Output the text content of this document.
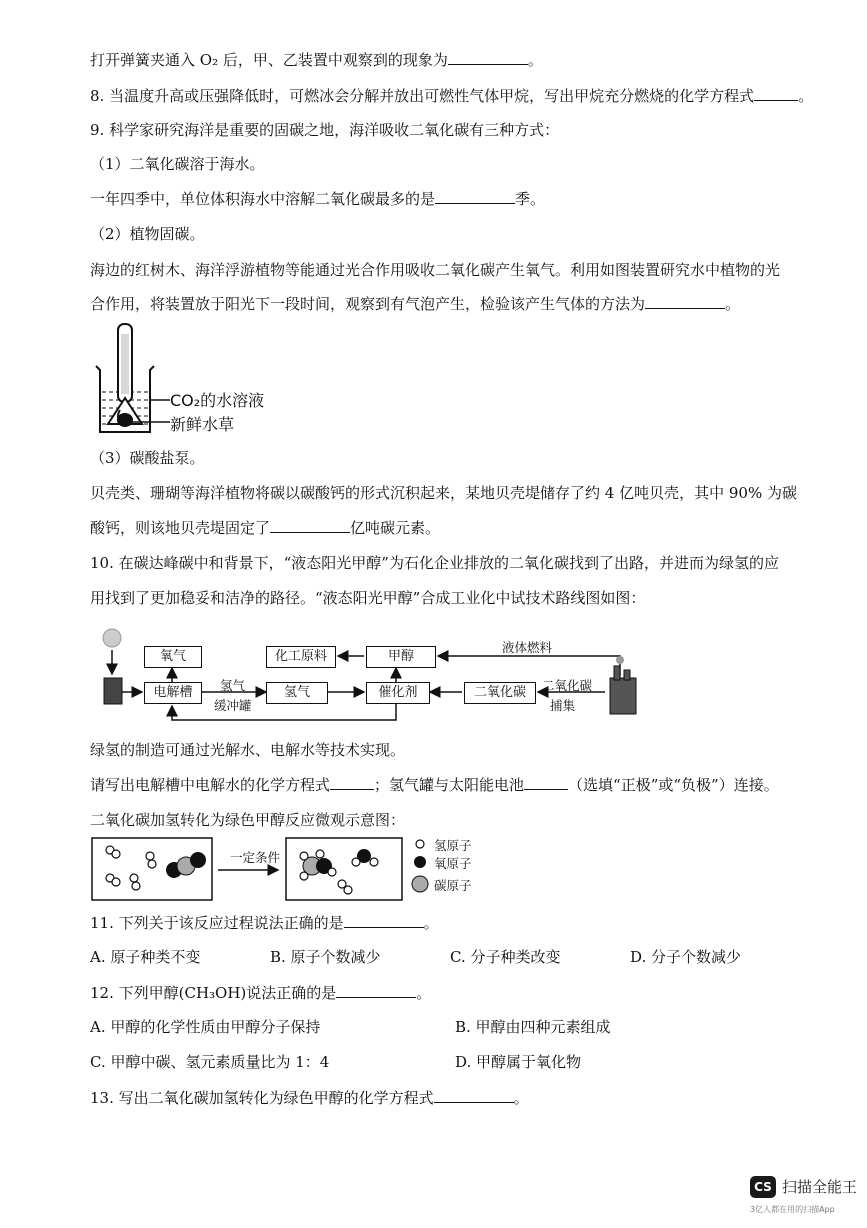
打开弹簧夹通入 O₂ 后，甲、乙装置中观察到的现象为	。
8. 当温度升高或压强降低时，可燃冰会分解并放出可燃性气体甲烷，写出甲烷充分燃烧的化学方程式	。
9. 科学家研究海洋是重要的固碳之地，海洋吸收二氧化碳有三种方式：
（1）二氧化碳溶于海水。
一年四季中，单位体积海水中溶解二氧化碳最多的是	季。
（2）植物固碳。
海边的红树木、海洋浮游植物等能通过光合作用吸收二氧化碳产生氧气。利用如图装置研究水中植物的光
合作用，将装置放于阳光下一段时间，观察到有气泡产生，检验该产生气体的方法为	。
CO₂的水溶液
新鲜水草
（3）碳酸盐泵。
贝壳类、珊瑚等海洋植物将碳以碳酸钙的形式沉积起来，某地贝壳堤储存了约 4 亿吨贝壳，其中 90% 为碳
酸钙，则该地贝壳堤固定了	亿吨碳元素。
10. 在碳达峰碳中和背景下，“液态阳光甲醇”为石化企业排放的二氧化碳找到了出路，并进而为绿氢的应
用找到了更加稳妥和洁净的路径。“液态阳光甲醇”合成工业化中试技术路线图如图：
氧气	化工原料	甲醇
液体燃料
电解槽	氢气
缓冲罐
氢气	催化剂	二氧化碳	二氧化碳
捕集
绿氢的制造可通过光解水、电解水等技术实现。
请写出电解槽中电解水的化学方程式	；氢气罐与太阳能电池	（选填“正极”或“负极”）连接。
二氧化碳加氢转化为绿色甲醇反应微观示意图：
一定条件
氢原子
氧原子
碳原子
11. 下列关于该反应过程说法正确的是	。
A. 原子种类不变	B. 原子个数减少	C. 分子种类改变	D. 分子个数减少
12. 下列甲醇(CH₃OH)说法正确的是	。
A. 甲醇的化学性质由甲醇分子保持	B. 甲醇由四种元素组成
C. 甲醇中碳、氢元素质量比为 1：4	D. 甲醇属于氧化物
13. 写出二氧化碳加氢转化为绿色甲醇的化学方程式	。
CS 扫描全能王
3亿人都在用的扫描App
